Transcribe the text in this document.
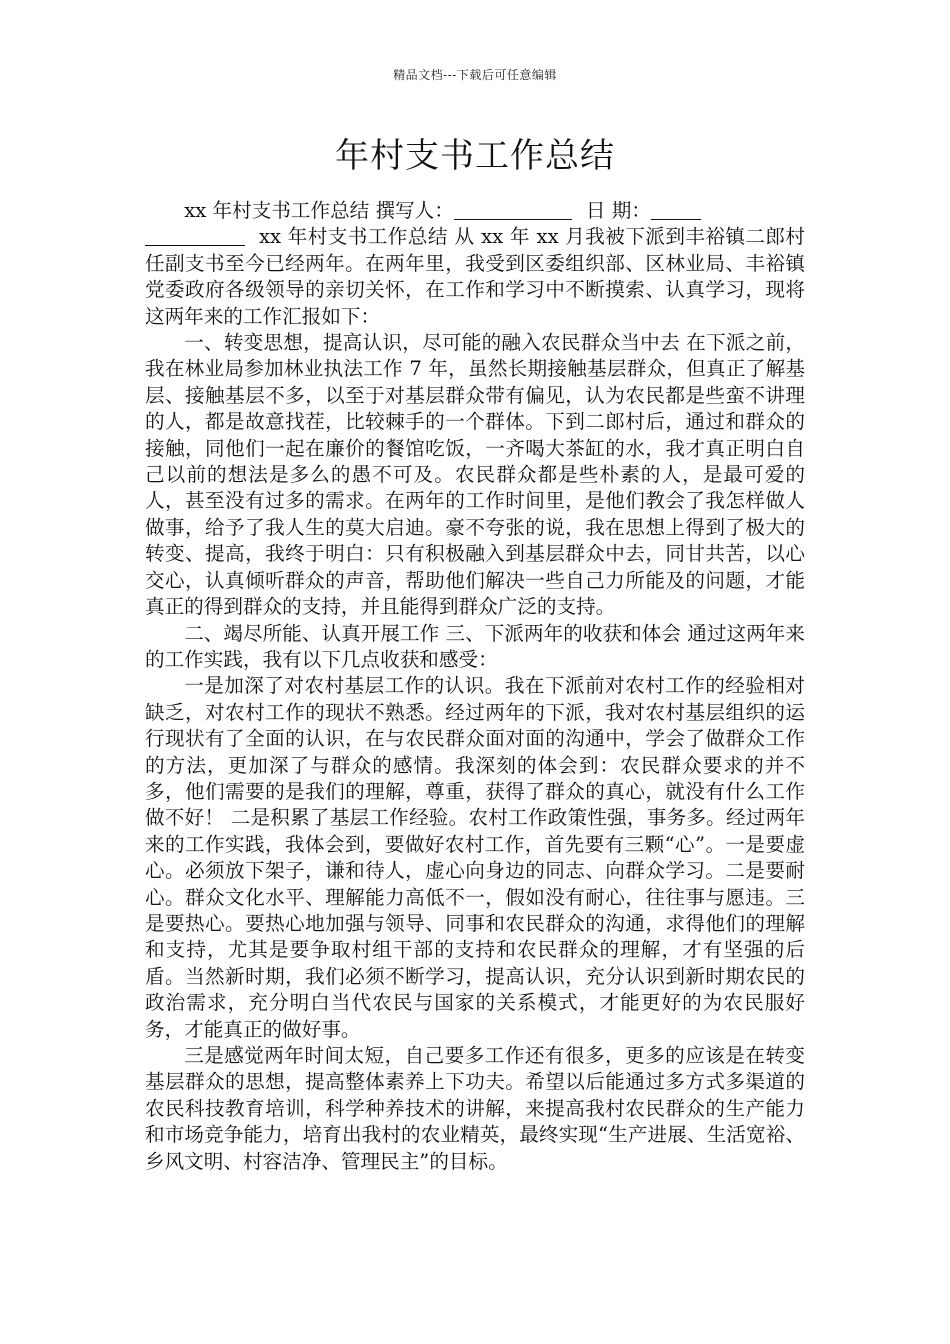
精品文档---下载后可任意编辑
年村支书工作总结

xx 年村支书工作总结 撰写人：	日 期：

xx 年村支书工作总结 从 xx 年 xx 月我被下派到丰裕镇二郎村任副支书至今已经两年。在两年里，我受到区委组织部、区林业局、丰裕镇党委政府各级领导的亲切关怀，在工作和学习中不断摸索、认真学习，现将这两年来的工作汇报如下：

一、转变思想，提高认识，尽可能的融入农民群众当中去 在下派之前，我在林业局参加林业执法工作 7 年，虽然长期接触基层群众，但真正了解基层、接触基层不多，以至于对基层群众带有偏见，认为农民都是些蛮不讲理的人，都是故意找茬，比较棘手的一个群体。下到二郎村后，通过和群众的接触，同他们一起在廉价的餐馆吃饭，一齐喝大茶缸的水，我才真正明白自己以前的想法是多么的愚不可及。农民群众都是些朴素的人，是最可爱的人，甚至没有过多的需求。在两年的工作时间里，是他们教会了我怎样做人做事，给予了我人生的莫大启迪。豪不夸张的说，我在思想上得到了极大的转变、提高，我终于明白：只有积极融入到基层群众中去，同甘共苦，以心交心，认真倾听群众的声音，帮助他们解决一些自己力所能及的问题，才能真正的得到群众的支持，并且能得到群众广泛的支持。

二、竭尽所能、认真开展工作 三、下派两年的收获和体会 通过这两年来的工作实践，我有以下几点收获和感受：

一是加深了对农村基层工作的认识。我在下派前对农村工作的经验相对缺乏，对农村工作的现状不熟悉。经过两年的下派，我对农村基层组织的运行现状有了全面的认识，在与农民群众面对面的沟通中，学会了做群众工作的方法，更加深了与群众的感情。我深刻的体会到：农民群众要求的并不多，他们需要的是我们的理解，尊重，获得了群众的真心，就没有什么工作做不好！ 二是积累了基层工作经验。农村工作政策性强，事务多。经过两年来的工作实践，我体会到，要做好农村工作，首先要有三颗“心”。一是要虚心。必须放下架子，谦和待人，虚心向身边的同志、向群众学习。二是要耐心。群众文化水平、理解能力高低不一，假如没有耐心，往往事与愿违。三是要热心。要热心地加强与领导、同事和农民群众的沟通，求得他们的理解和支持，尤其是要争取村组干部的支持和农民群众的理解，才有坚强的后盾。当然新时期，我们必须不断学习，提高认识，充分认识到新时期农民的政治需求，充分明白当代农民与国家的关系模式，才能更好的为农民服好务，才能真正的做好事。

三是感觉两年时间太短，自己要多工作还有很多，更多的应该是在转变基层群众的思想，提高整体素养上下功夫。希望以后能通过多方式多渠道的农民科技教育培训，科学种养技术的讲解，来提高我村农民群众的生产能力和市场竞争能力，培育出我村的农业精英，最终实现“生产进展、生活宽裕、乡风文明、村容洁净、管理民主”的目标。
